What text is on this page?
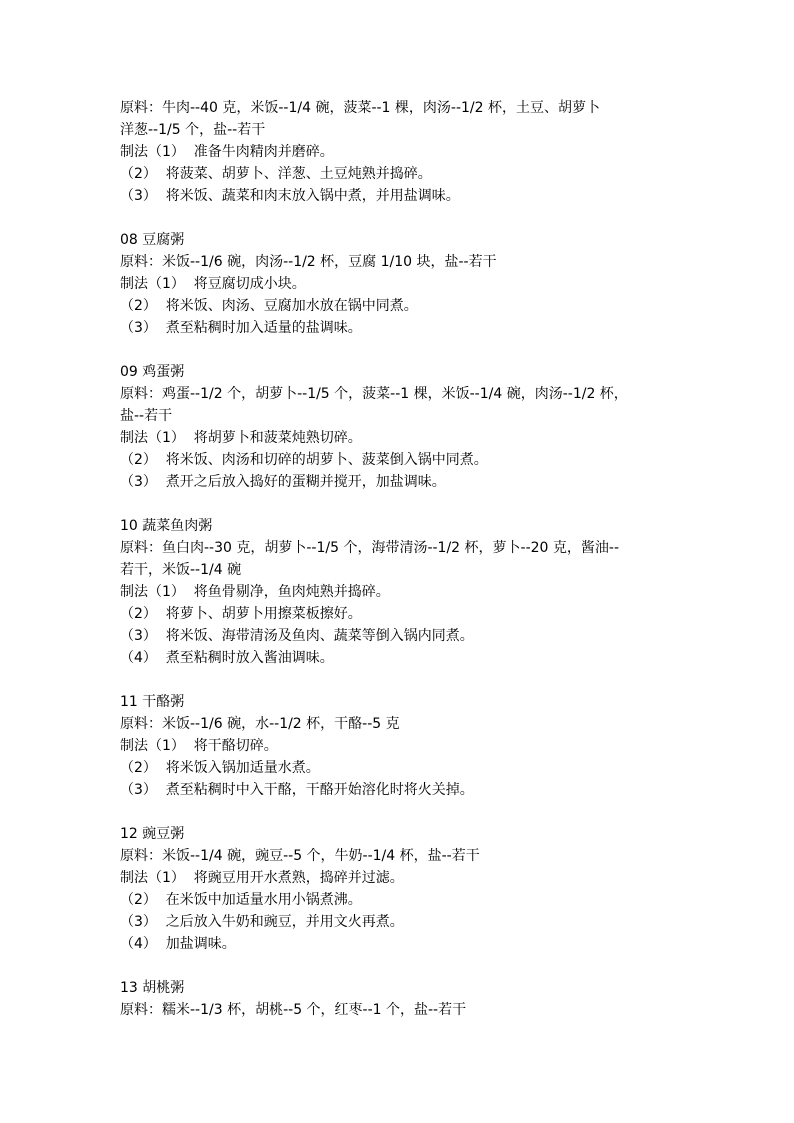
原料：牛肉--40 克，米饭--1/4 碗，菠菜--1 棵，肉汤--1/2 杯，土豆、胡萝卜
洋葱--1/5 个，盐--若干
制法（1）  准备牛肉精肉并磨碎。
（2）  将菠菜、胡萝卜、洋葱、土豆炖熟并捣碎。
（3）  将米饭、蔬菜和肉末放入锅中煮，并用盐调味。
08 豆腐粥
原料：米饭--1/6 碗，肉汤--1/2 杯，豆腐 1/10 块，盐--若干
制法（1）  将豆腐切成小块。
（2）  将米饭、肉汤、豆腐加水放在锅中同煮。
（3）  煮至粘稠时加入适量的盐调味。
09 鸡蛋粥
原料：鸡蛋--1/2 个，胡萝卜--1/5 个，菠菜--1 棵，米饭--1/4 碗，肉汤--1/2 杯，
盐--若干
制法（1）  将胡萝卜和菠菜炖熟切碎。
（2）  将米饭、肉汤和切碎的胡萝卜、菠菜倒入锅中同煮。
（3）  煮开之后放入捣好的蛋糊并搅开，加盐调味。
10 蔬菜鱼肉粥
原料：鱼白肉--30 克，胡萝卜--1/5 个，海带清汤--1/2 杯，萝卜--20 克，酱油--
若干，米饭--1/4 碗
制法（1）  将鱼骨剔净，鱼肉炖熟并捣碎。
（2）  将萝卜、胡萝卜用擦菜板擦好。
（3）  将米饭、海带清汤及鱼肉、蔬菜等倒入锅内同煮。
（4）  煮至粘稠时放入酱油调味。
11 干酪粥
原料：米饭--1/6 碗，水--1/2 杯，干酪--5 克
制法（1）  将干酪切碎。
（2）  将米饭入锅加适量水煮。
（3）  煮至粘稠时中入干酪，干酪开始溶化时将火关掉。
12 豌豆粥
原料：米饭--1/4 碗，豌豆--5 个，牛奶--1/4 杯，盐--若干
制法（1）  将豌豆用开水煮熟，捣碎并过滤。
（2）  在米饭中加适量水用小锅煮沸。
（3）  之后放入牛奶和豌豆，并用文火再煮。
（4）  加盐调味。
13 胡桃粥
原料：糯米--1/3 杯，胡桃--5 个，红枣--1 个，盐--若干
